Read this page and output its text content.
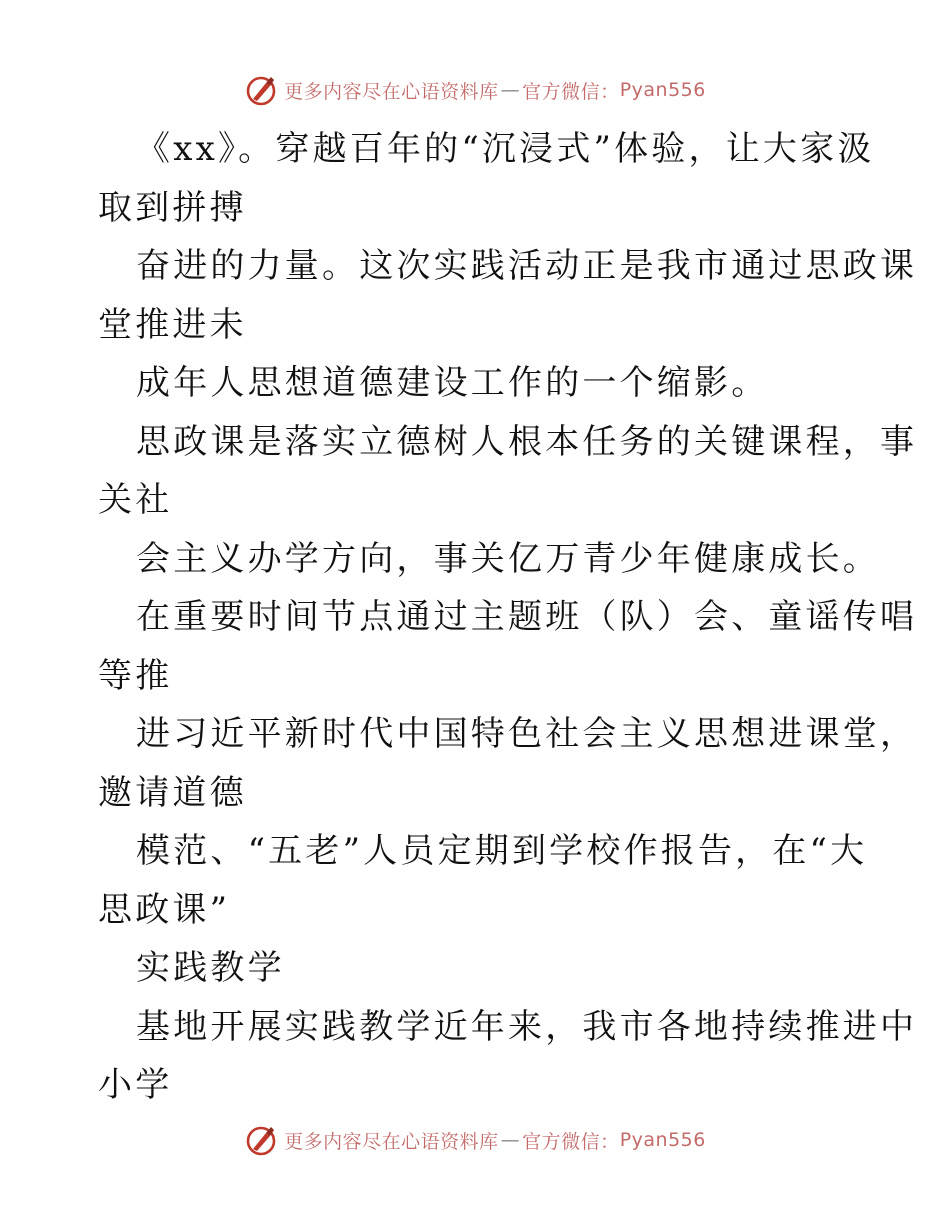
更多内容尽在心语资料库 — 官方微信： Pyan556
《xx》。穿越百年的“沉浸式”体验，让大家汲
取到拼搏
奋进的力量。这次实践活动正是我市通过思政课
堂推进未
成年人思想道德建设工作的一个缩影。
思政课是落实立德树人根本任务的关键课程，事
关社
会主义办学方向，事关亿万青少年健康成长。
在重要时间节点通过主题班（队）会、童谣传唱
等推
进习近平新时代中国特色社会主义思想进课堂，
邀请道德
模范、“五老”人员定期到学校作报告，在“大
思政课”
实践教学
基地开展实践教学近年来，我市各地持续推进中
小学
更多内容尽在心语资料库 — 官方微信： Pyan556
